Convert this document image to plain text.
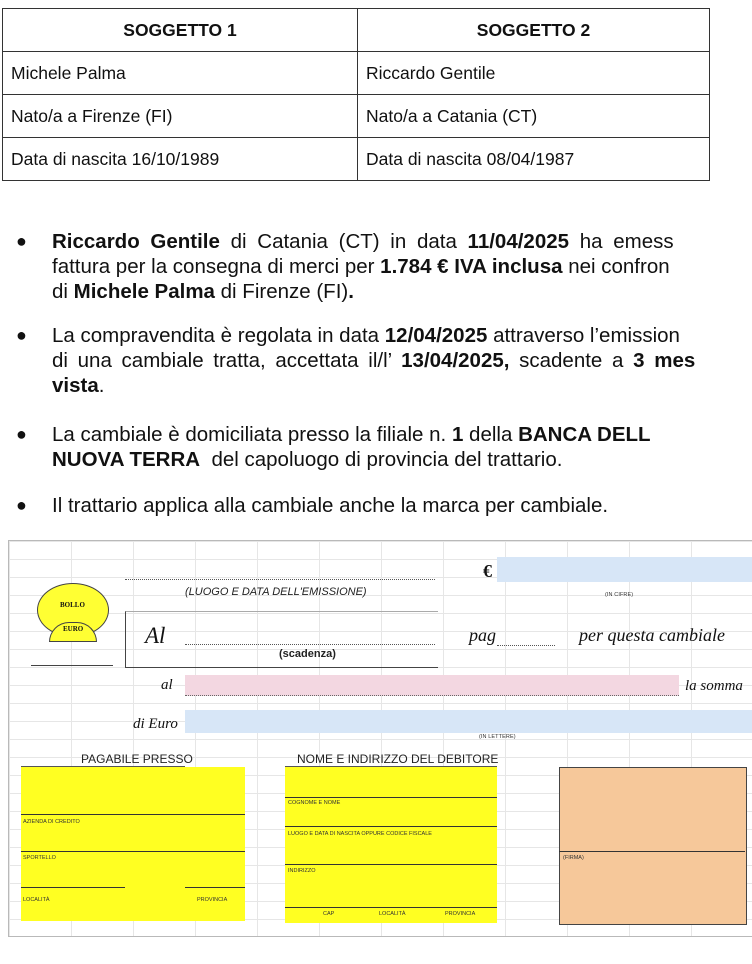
SOGGETTO 1	SOGGETTO 2
Michele Palma	Riccardo Gentile
Nato/a a Firenze (FI)	Nato/a a Catania (CT)
Data di nascita 16/10/1989	Data di nascita 08/04/1987
● Riccardo Gentile di Catania (CT) in data 11/04/2025 ha emess
fattura per la consegna di merci per 1.784 € IVA inclusa nei confron
di Michele Palma di Firenze (FI).
● La compravendita è regolata in data 12/04/2025 attraverso l’emission
di una cambiale tratta, accettata il/l’ 13/04/2025, scadente a 3 mes
vista.
● La cambiale è domiciliata presso la filiale n. 1 della BANCA DELL
NUOVA TERRA  del capoluogo di provincia del trattario.
● Il trattario applica alla cambiale anche la marca per cambiale.
BOLLO
EURO
(LUOGO E DATA DELL'EMISSIONE)
€
(IN CIFRE)
Al
(scadenza)
pag	per questa cambiale
al	la somma
di Euro
(IN LETTERE)
PAGABILE PRESSO
AZIENDA DI CREDITO
SPORTELLO
LOCALITÀ	PROVINCIA
NOME E INDIRIZZO DEL DEBITORE
COGNOME E NOME
LUOGO E DATA DI NASCITA OPPURE CODICE FISCALE
INDIRIZZO
CAP	LOCALITÀ	PROVINCIA
(FIRMA)
